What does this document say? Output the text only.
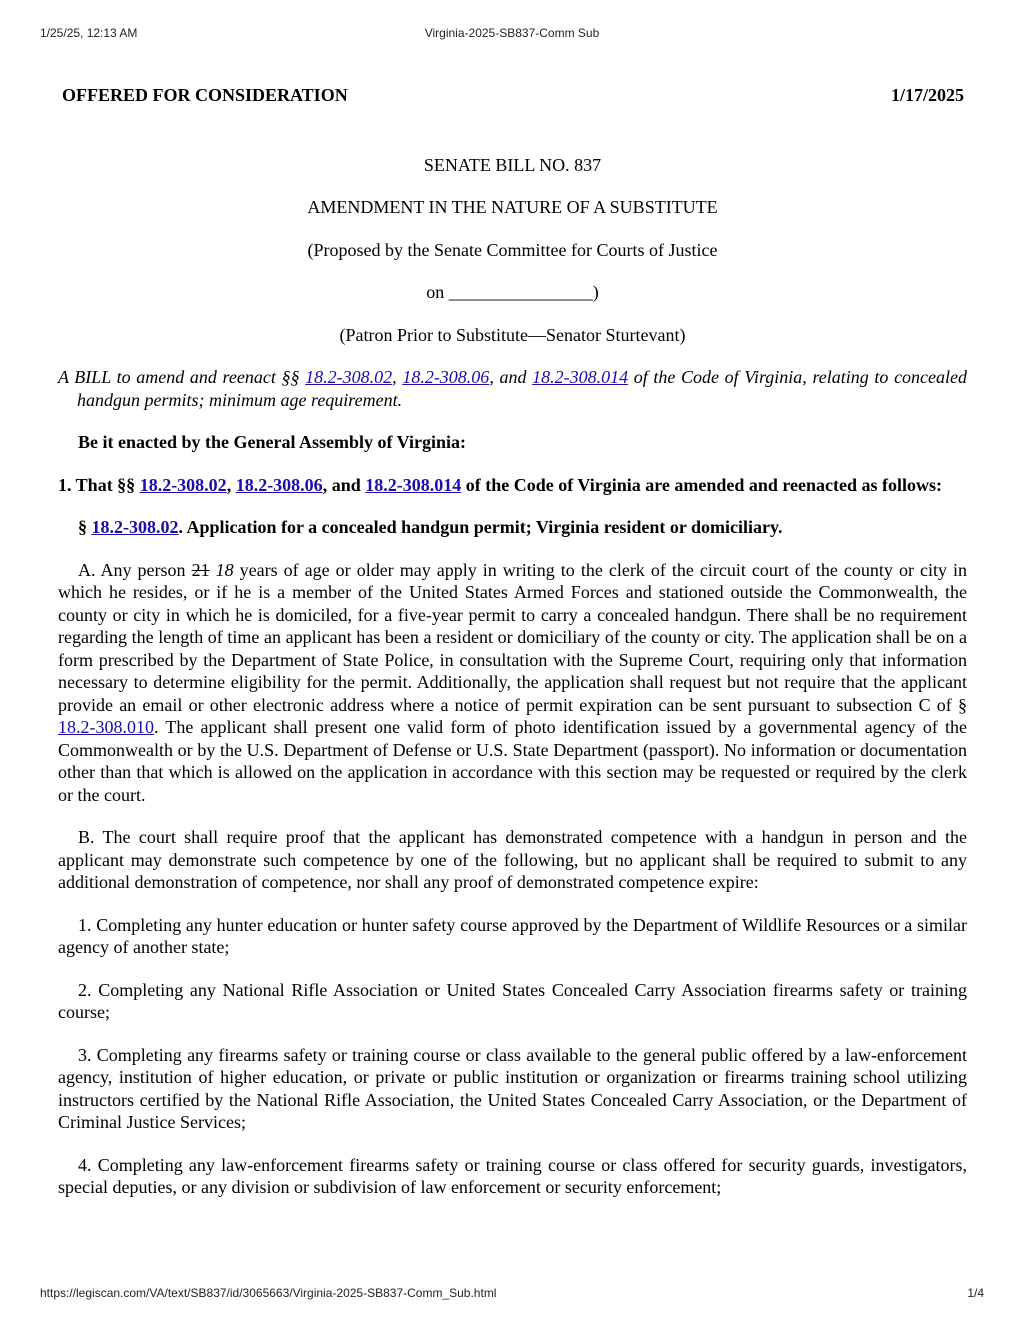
1/25/25, 12:13 AM	Virginia-2025-SB837-Comm Sub
OFFERED FOR CONSIDERATION	1/17/2025

SENATE BILL NO. 837

AMENDMENT IN THE NATURE OF A SUBSTITUTE

(Proposed by the Senate Committee for Courts of Justice

on ________________)

(Patron Prior to Substitute—Senator Sturtevant)

A BILL to amend and reenact §§ 18.2-308.02, 18.2-308.06, and 18.2-308.014 of the Code of Virginia, relating to concealed handgun permits; minimum age requirement.

Be it enacted by the General Assembly of Virginia:

1. That §§ 18.2-308.02, 18.2-308.06, and 18.2-308.014 of the Code of Virginia are amended and reenacted as follows:

§ 18.2-308.02. Application for a concealed handgun permit; Virginia resident or domiciliary.

A. Any person 21 18 years of age or older may apply in writing to the clerk of the circuit court of the county or city in which he resides, or if he is a member of the United States Armed Forces and stationed outside the Commonwealth, the county or city in which he is domiciled, for a five-year permit to carry a concealed handgun. There shall be no requirement regarding the length of time an applicant has been a resident or domiciliary of the county or city. The application shall be on a form prescribed by the Department of State Police, in consultation with the Supreme Court, requiring only that information necessary to determine eligibility for the permit. Additionally, the application shall request but not require that the applicant provide an email or other electronic address where a notice of permit expiration can be sent pursuant to subsection C of § 18.2-308.010. The applicant shall present one valid form of photo identification issued by a governmental agency of the Commonwealth or by the U.S. Department of Defense or U.S. State Department (passport). No information or documentation other than that which is allowed on the application in accordance with this section may be requested or required by the clerk or the court.

B. The court shall require proof that the applicant has demonstrated competence with a handgun in person and the applicant may demonstrate such competence by one of the following, but no applicant shall be required to submit to any additional demonstration of competence, nor shall any proof of demonstrated competence expire:

1. Completing any hunter education or hunter safety course approved by the Department of Wildlife Resources or a similar agency of another state;

2. Completing any National Rifle Association or United States Concealed Carry Association firearms safety or training course;

3. Completing any firearms safety or training course or class available to the general public offered by a law-enforcement agency, institution of higher education, or private or public institution or organization or firearms training school utilizing instructors certified by the National Rifle Association, the United States Concealed Carry Association, or the Department of Criminal Justice Services;

4. Completing any law-enforcement firearms safety or training course or class offered for security guards, investigators, special deputies, or any division or subdivision of law enforcement or security enforcement;

https://legiscan.com/VA/text/SB837/id/3065663/Virginia-2025-SB837-Comm_Sub.html	1/4
